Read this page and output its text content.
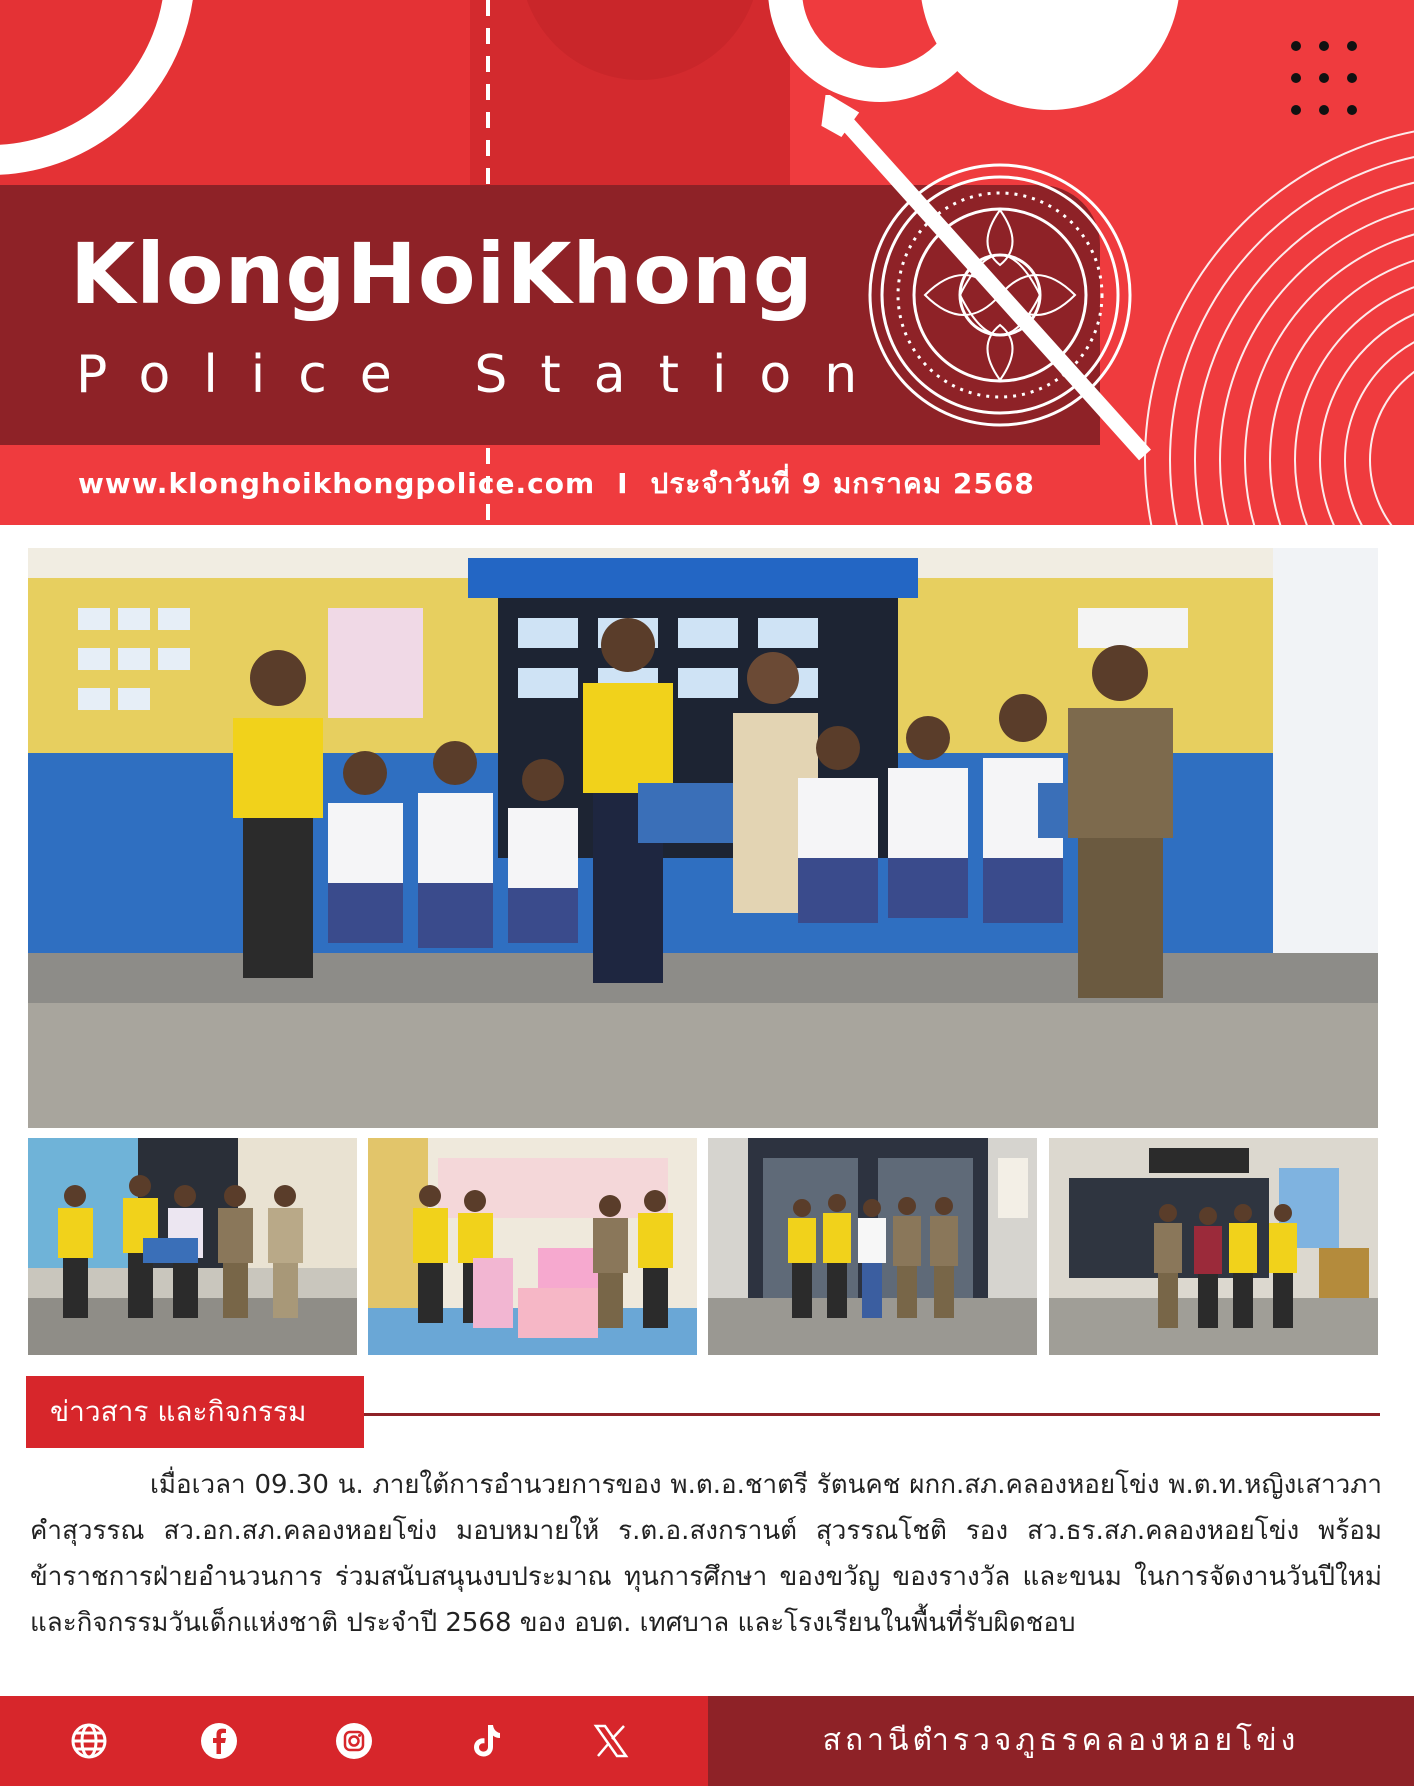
KlongHoiKhong
Police Station
www.klonghoikhongpolice.com I ประจำวันที่ 9 มกราคม 2568
ข่าวสาร และกิจกรรม

เมื่อเวลา 09.30 น. ภายใต้การอำนวยการของ พ.ต.อ.ชาตรี รัตนคช ผกก.สภ.คลองหอยโข่ง พ.ต.ท.หญิงเสาวภา คำสุวรรณ สว.อก.สภ.คลองหอยโข่ง มอบหมายให้ ร.ต.อ.สงกรานต์ สุวรรณโชติ รอง สว.ธร.สภ.คลองหอยโข่ง พร้อมข้าราชการฝ่ายอำนวนการ ร่วมสนับสนุนงบประมาณ ทุนการศึกษา ของขวัญ ของรางวัล และขนม ในการจัดงานวันปีใหม่และกิจกรรมวันเด็กแห่งชาติ ประจำปี 2568 ของ อบต. เทศบาล และโรงเรียนในพื้นที่รับผิดชอบ

สถานีตำรวจภูธรคลองหอยโข่ง
